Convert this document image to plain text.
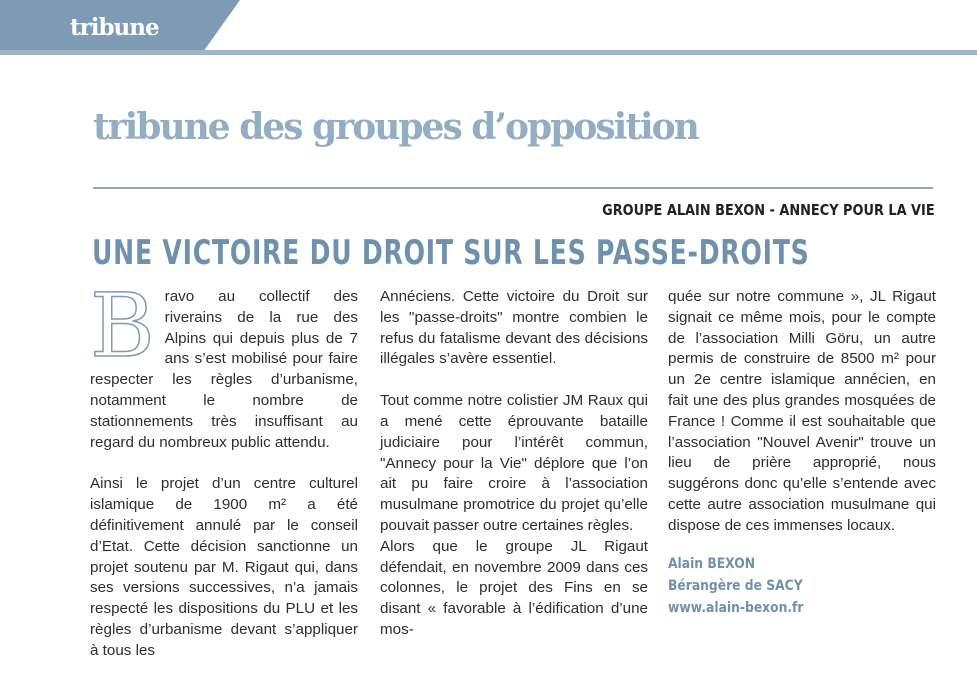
tribune
tribune des groupes d’opposition
GROUPE ALAIN BEXON - ANNECY POUR LA VIE
UNE VICTOIRE DU DROIT SUR LES PASSE-DROITS

Bravo au collectif des riverains de la rue des Alpins qui depuis plus de 7 ans s’est mobilisé pour faire respecter les règles d’urbanisme, notamment le nombre de stationnements très insuffisant au regard du nombreux public attendu.

Ainsi le projet d’un centre culturel islamique de 1900 m² a été définitivement annulé par le conseil d’Etat. Cette décision sanctionne un projet soutenu par M. Rigaut qui, dans ses versions successives, n’a jamais respecté les dispositions du PLU et les règles d’urbanisme devant s’appliquer à tous les

Annéciens. Cette victoire du Droit sur les "passe-droits" montre combien le refus du fatalisme devant des décisions illégales s’avère essentiel.

Tout comme notre colistier JM Raux qui a mené cette éprouvante bataille judiciaire pour l’intérêt commun, "Annecy pour la Vie" déplore que l’on ait pu faire croire à l’association musulmane promotrice du projet qu’elle pouvait passer outre certaines règles.

Alors que le groupe JL Rigaut défendait, en novembre 2009 dans ces colonnes, le projet des Fins en se disant « favorable à l’édification d’une mos-

quée sur notre commune », JL Rigaut signait ce même mois, pour le compte de l’association Milli Göru, un autre permis de construire de 8500 m² pour un 2e centre islamique annécien, en fait une des plus grandes mosquées de France ! Comme il est souhaitable que l’association "Nouvel Avenir" trouve un lieu de prière approprié, nous suggérons donc qu’elle s’entende avec cette autre association musulmane qui dispose de ces immenses locaux.

Alain BEXON
Bérangère de SACY
www.alain-bexon.fr
